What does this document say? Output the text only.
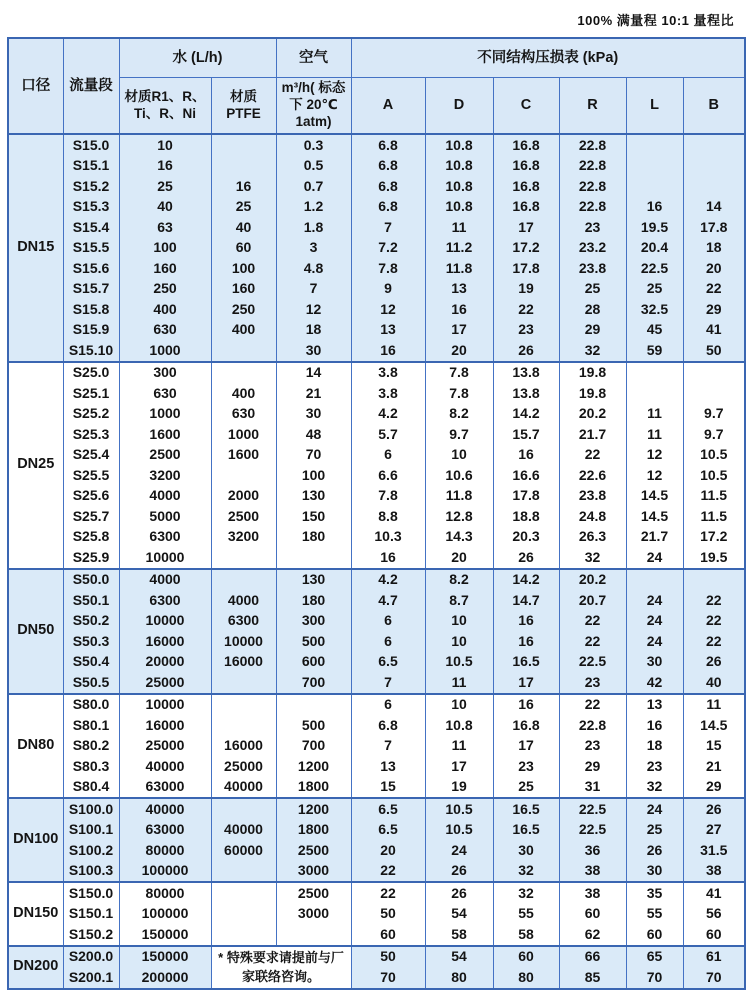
100% 满量程 10:1 量程比
口径	流量段	水 (L/h)		空气	不同结构压损表 (kPa)					
		材质R1、R、Ti、R、Ni	材质 PTFE	m³/h( 标态下 20℃ 1atm)	A	D	C	R	L	B
DN15	S15.0	10		0.3	6.8	10.8	16.8	22.8		
	S15.1	16		0.5	6.8	10.8	16.8	22.8		
	S15.2	25	16	0.7	6.8	10.8	16.8	22.8		
	S15.3	40	25	1.2	6.8	10.8	16.8	22.8	16	14
	S15.4	63	40	1.8	7	11	17	23	19.5	17.8
	S15.5	100	60	3	7.2	11.2	17.2	23.2	20.4	18
	S15.6	160	100	4.8	7.8	11.8	17.8	23.8	22.5	20
	S15.7	250	160	7	9	13	19	25	25	22
	S15.8	400	250	12	12	16	22	28	32.5	29
	S15.9	630	400	18	13	17	23	29	45	41
	S15.10	1000		30	16	20	26	32	59	50
DN25	S25.0	300		14	3.8	7.8	13.8	19.8		
	S25.1	630	400	21	3.8	7.8	13.8	19.8		
	S25.2	1000	630	30	4.2	8.2	14.2	20.2	11	9.7
	S25.3	1600	1000	48	5.7	9.7	15.7	21.7	11	9.7
	S25.4	2500	1600	70	6	10	16	22	12	10.5
	S25.5	3200		100	6.6	10.6	16.6	22.6	12	10.5
	S25.6	4000	2000	130	7.8	11.8	17.8	23.8	14.5	11.5
	S25.7	5000	2500	150	8.8	12.8	18.8	24.8	14.5	11.5
	S25.8	6300	3200	180	10.3	14.3	20.3	26.3	21.7	17.2
	S25.9	10000			16	20	26	32	24	19.5
DN50	S50.0	4000		130	4.2	8.2	14.2	20.2		
	S50.1	6300	4000	180	4.7	8.7	14.7	20.7	24	22
	S50.2	10000	6300	300	6	10	16	22	24	22
	S50.3	16000	10000	500	6	10	16	22	24	22
	S50.4	20000	16000	600	6.5	10.5	16.5	22.5	30	26
	S50.5	25000		700	7	11	17	23	42	40
DN80	S80.0	10000			6	10	16	22	13	11
	S80.1	16000		500	6.8	10.8	16.8	22.8	16	14.5
	S80.2	25000	16000	700	7	11	17	23	18	15
	S80.3	40000	25000	1200	13	17	23	29	23	21
	S80.4	63000	40000	1800	15	19	25	31	32	29
DN100	S100.0	40000		1200	6.5	10.5	16.5	22.5	24	26
	S100.1	63000	40000	1800	6.5	10.5	16.5	22.5	25	27
	S100.2	80000	60000	2500	20	24	30	36	26	31.5
	S100.3	100000		3000	22	26	32	38	30	38
DN150	S150.0	80000		2500	22	26	32	38	35	41
	S150.1	100000		3000	50	54	55	60	55	56
	S150.2	150000			60	58	58	62	60	60
DN200	S200.0	150000	* 特殊要求请提前与厂家联络咨询。		50	54	60	66	65	61
	S200.1	200000			70	80	80	85	70	70
